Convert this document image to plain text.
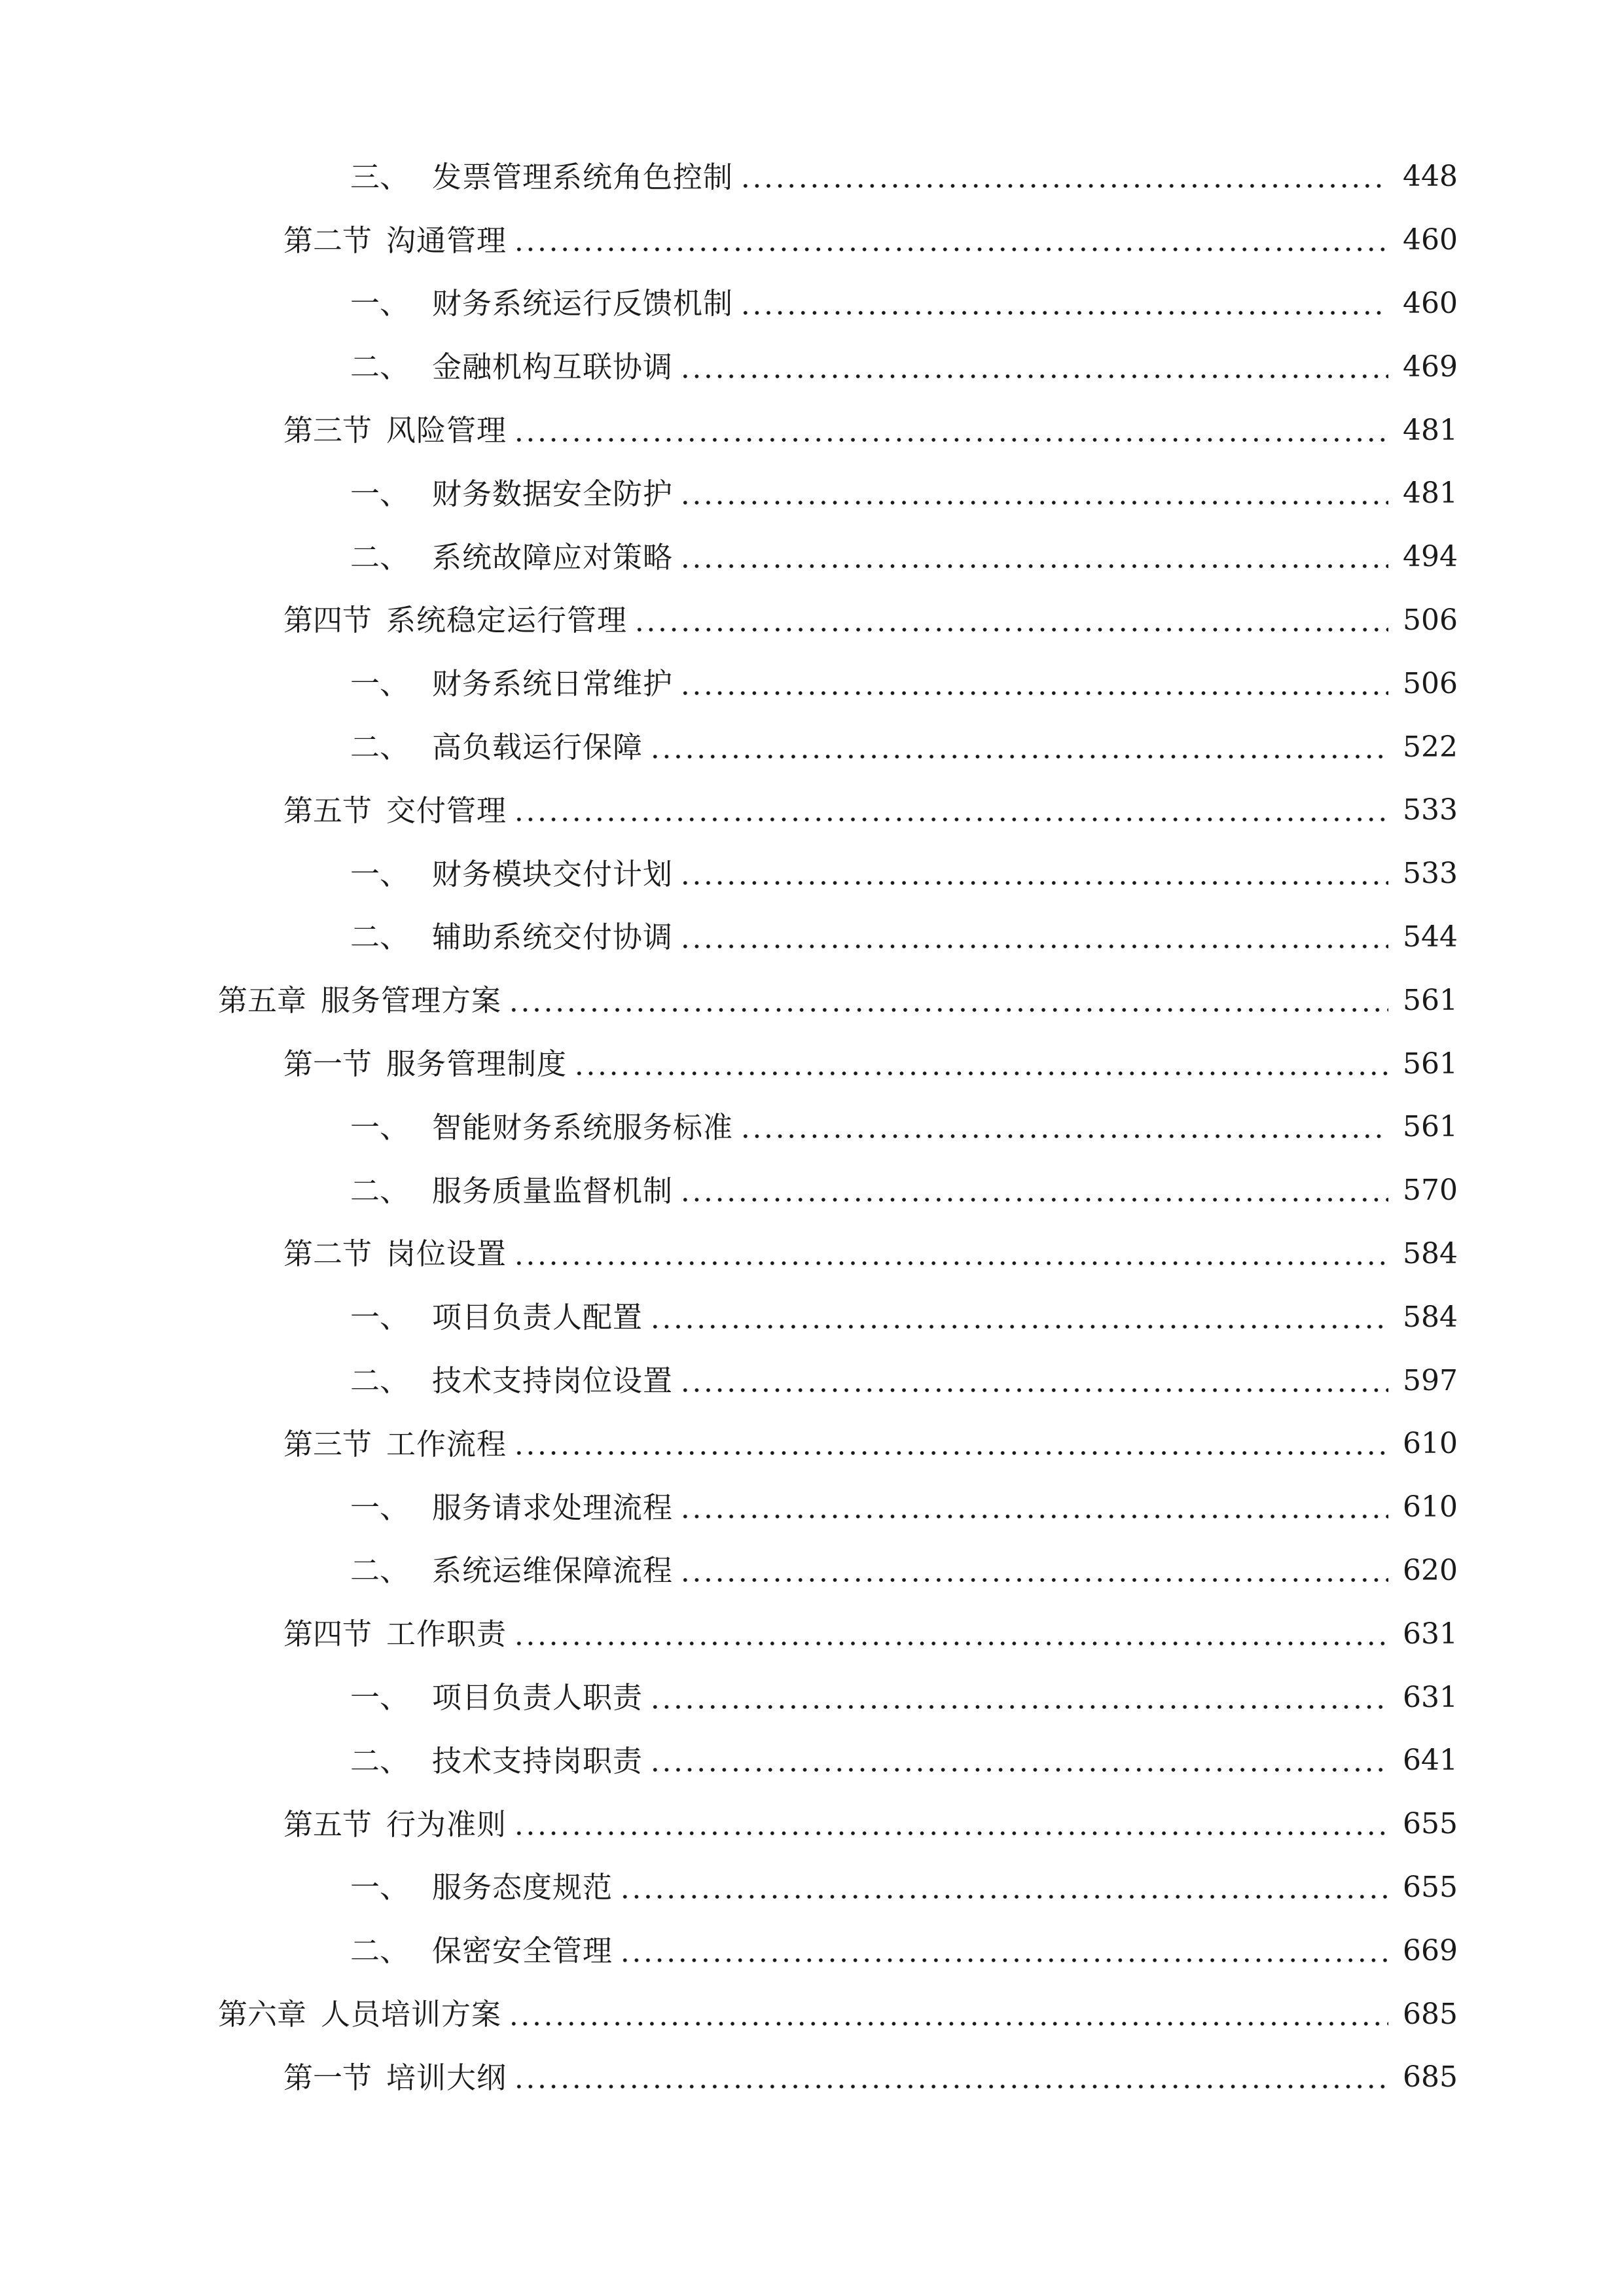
三、 发票管理系统角色控制	448
第二节 沟通管理	460
一、 财务系统运行反馈机制	460
二、 金融机构互联协调	469
第三节 风险管理	481
一、 财务数据安全防护	481
二、 系统故障应对策略	494
第四节 系统稳定运行管理	506
一、 财务系统日常维护	506
二、 高负载运行保障	522
第五节 交付管理	533
一、 财务模块交付计划	533
二、 辅助系统交付协调	544
第五章 服务管理方案	561
第一节 服务管理制度	561
一、 智能财务系统服务标准	561
二、 服务质量监督机制	570
第二节 岗位设置	584
一、 项目负责人配置	584
二、 技术支持岗位设置	597
第三节 工作流程	610
一、 服务请求处理流程	610
二、 系统运维保障流程	620
第四节 工作职责	631
一、 项目负责人职责	631
二、 技术支持岗职责	641
第五节 行为准则	655
一、 服务态度规范	655
二、 保密安全管理	669
第六章 人员培训方案	685
第一节 培训大纲	685
